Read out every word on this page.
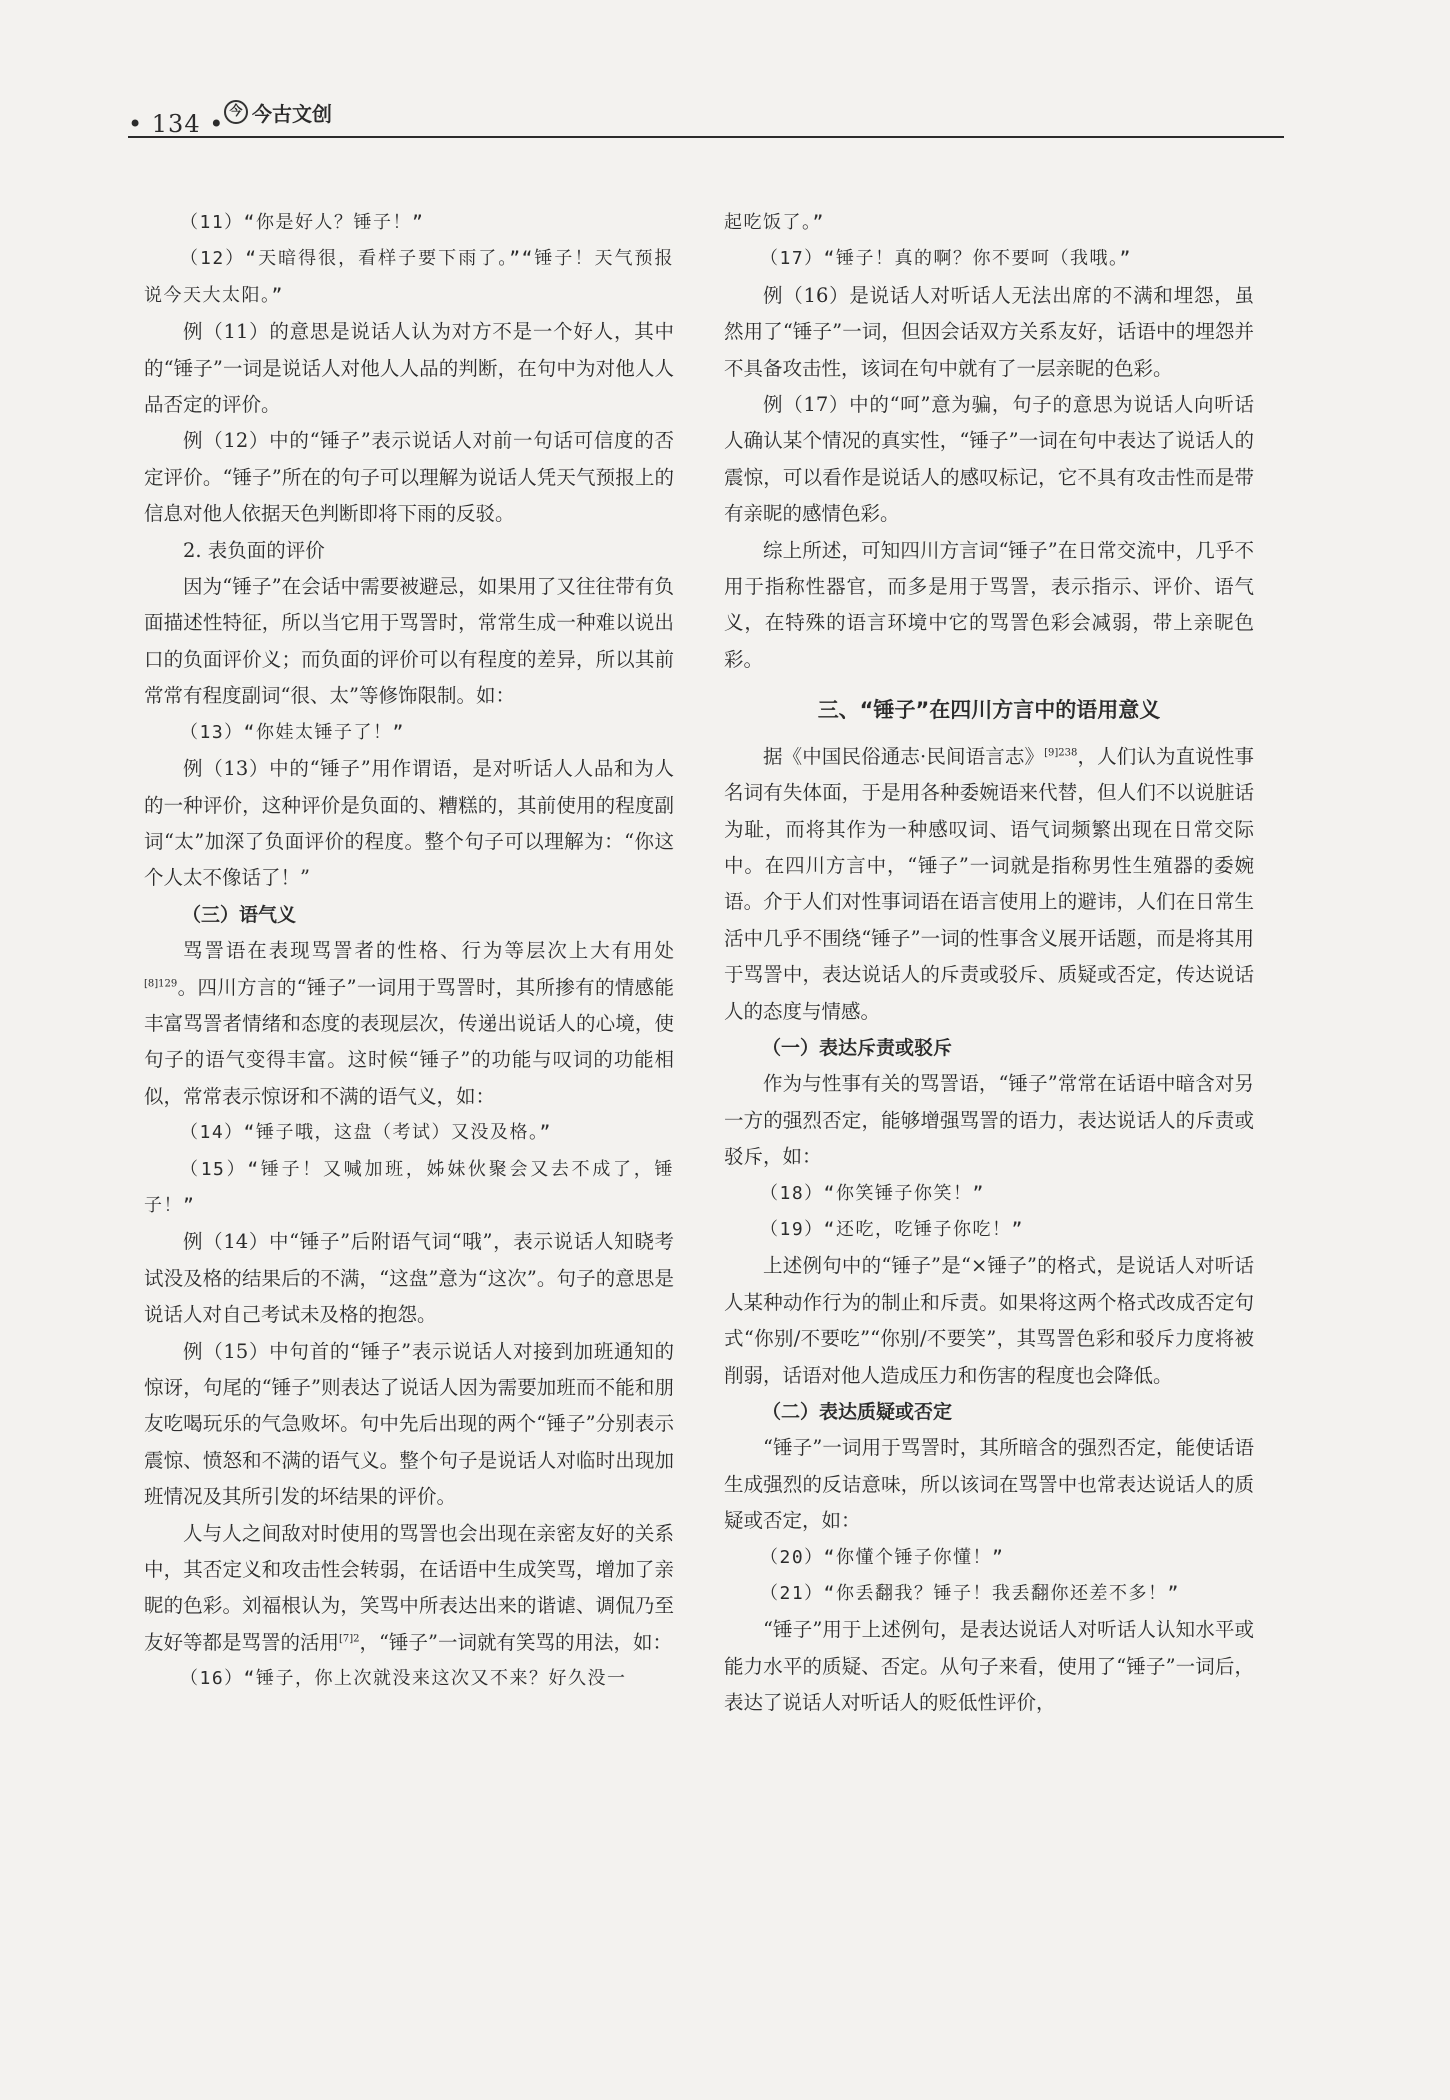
• 134 • 今 今古文创

（11）“你是好人？锤子！”

（12）“天暗得很，看样子要下雨了。”“锤子！天气预报说今天大太阳。”

例（11）的意思是说话人认为对方不是一个好人，其中的“锤子”一词是说话人对他人人品的判断，在句中为对他人人品否定的评价。

例（12）中的“锤子”表示说话人对前一句话可信度的否定评价。“锤子”所在的句子可以理解为说话人凭天气预报上的信息对他人依据天色判断即将下雨的反驳。

2. 表负面的评价

因为“锤子”在会话中需要被避忌，如果用了又往往带有负面描述性特征，所以当它用于骂詈时，常常生成一种难以说出口的负面评价义；而负面的评价可以有程度的差异，所以其前常常有程度副词“很、太”等修饰限制。如：

（13）“你娃太锤子了！”

例（13）中的“锤子”用作谓语，是对听话人人品和为人的一种评价，这种评价是负面的、糟糕的，其前使用的程度副词“太”加深了负面评价的程度。整个句子可以理解为：“你这个人太不像话了！”

（三）语气义

骂詈语在表现骂詈者的性格、行为等层次上大有用处$^{[8]129}$。四川方言的“锤子”一词用于骂詈时，其所掺有的情感能丰富骂詈者情绪和态度的表现层次，传递出说话人的心境，使句子的语气变得丰富。这时候“锤子”的功能与叹词的功能相似，常常表示惊讶和不满的语气义，如：

（14）“锤子哦，这盘（考试）又没及格。”

（15）“锤子！又喊加班，姊妹伙聚会又去不成了，锤子！”

例（14）中“锤子”后附语气词“哦”，表示说话人知晓考试没及格的结果后的不满，“这盘”意为“这次”。句子的意思是说话人对自己考试未及格的抱怨。

例（15）中句首的“锤子”表示说话人对接到加班通知的惊讶，句尾的“锤子”则表达了说话人因为需要加班而不能和朋友吃喝玩乐的气急败坏。句中先后出现的两个“锤子”分别表示震惊、愤怒和不满的语气义。整个句子是说话人对临时出现加班情况及其所引发的坏结果的评价。

人与人之间敌对时使用的骂詈也会出现在亲密友好的关系中，其否定义和攻击性会转弱，在话语中生成笑骂，增加了亲昵的色彩。刘福根认为，笑骂中所表达出来的谐谑、调侃乃至友好等都是骂詈的活用$^{[7]2}$，“锤子”一词就有笑骂的用法，如：

（16）“锤子，你上次就没来这次又不来？好久没一

起吃饭了。”

（17）“锤子！真的啊？你不要呵（我哦。”

例（16）是说话人对听话人无法出席的不满和埋怨，虽然用了“锤子”一词，但因会话双方关系友好，话语中的埋怨并不具备攻击性，该词在句中就有了一层亲昵的色彩。

例（17）中的“呵”意为骗，句子的意思为说话人向听话人确认某个情况的真实性，“锤子”一词在句中表达了说话人的震惊，可以看作是说话人的感叹标记，它不具有攻击性而是带有亲昵的感情色彩。

综上所述，可知四川方言词“锤子”在日常交流中，几乎不用于指称性器官，而多是用于骂詈，表示指示、评价、语气义，在特殊的语言环境中它的骂詈色彩会减弱，带上亲昵色彩。

三、“锤子”在四川方言中的语用意义

据《中国民俗通志·民间语言志》$^{[9]238}$，人们认为直说性事名词有失体面，于是用各种委婉语来代替，但人们不以说脏话为耻，而将其作为一种感叹词、语气词频繁出现在日常交际中。在四川方言中，“锤子”一词就是指称男性生殖器的委婉语。介于人们对性事词语在语言使用上的避讳，人们在日常生活中几乎不围绕“锤子”一词的性事含义展开话题，而是将其用于骂詈中，表达说话人的斥责或驳斥、质疑或否定，传达说话人的态度与情感。

（一）表达斥责或驳斥

作为与性事有关的骂詈语，“锤子”常常在话语中暗含对另一方的强烈否定，能够增强骂詈的语力，表达说话人的斥责或驳斥，如：

（18）“你笑锤子你笑！”

（19）“还吃，吃锤子你吃！”

上述例句中的“锤子”是“×锤子”的格式，是说话人对听话人某种动作行为的制止和斥责。如果将这两个格式改成否定句式“你别/不要吃”“你别/不要笑”，其骂詈色彩和驳斥力度将被削弱，话语对他人造成压力和伤害的程度也会降低。

（二）表达质疑或否定

“锤子”一词用于骂詈时，其所暗含的强烈否定，能使话语生成强烈的反诘意味，所以该词在骂詈中也常表达说话人的质疑或否定，如：

（20）“你懂个锤子你懂！”

（21）“你丢翻我？锤子！我丢翻你还差不多！”

“锤子”用于上述例句，是表达说话人对听话人认知水平或能力水平的质疑、否定。从句子来看，使用了“锤子”一词后，表达了说话人对听话人的贬低性评价，
